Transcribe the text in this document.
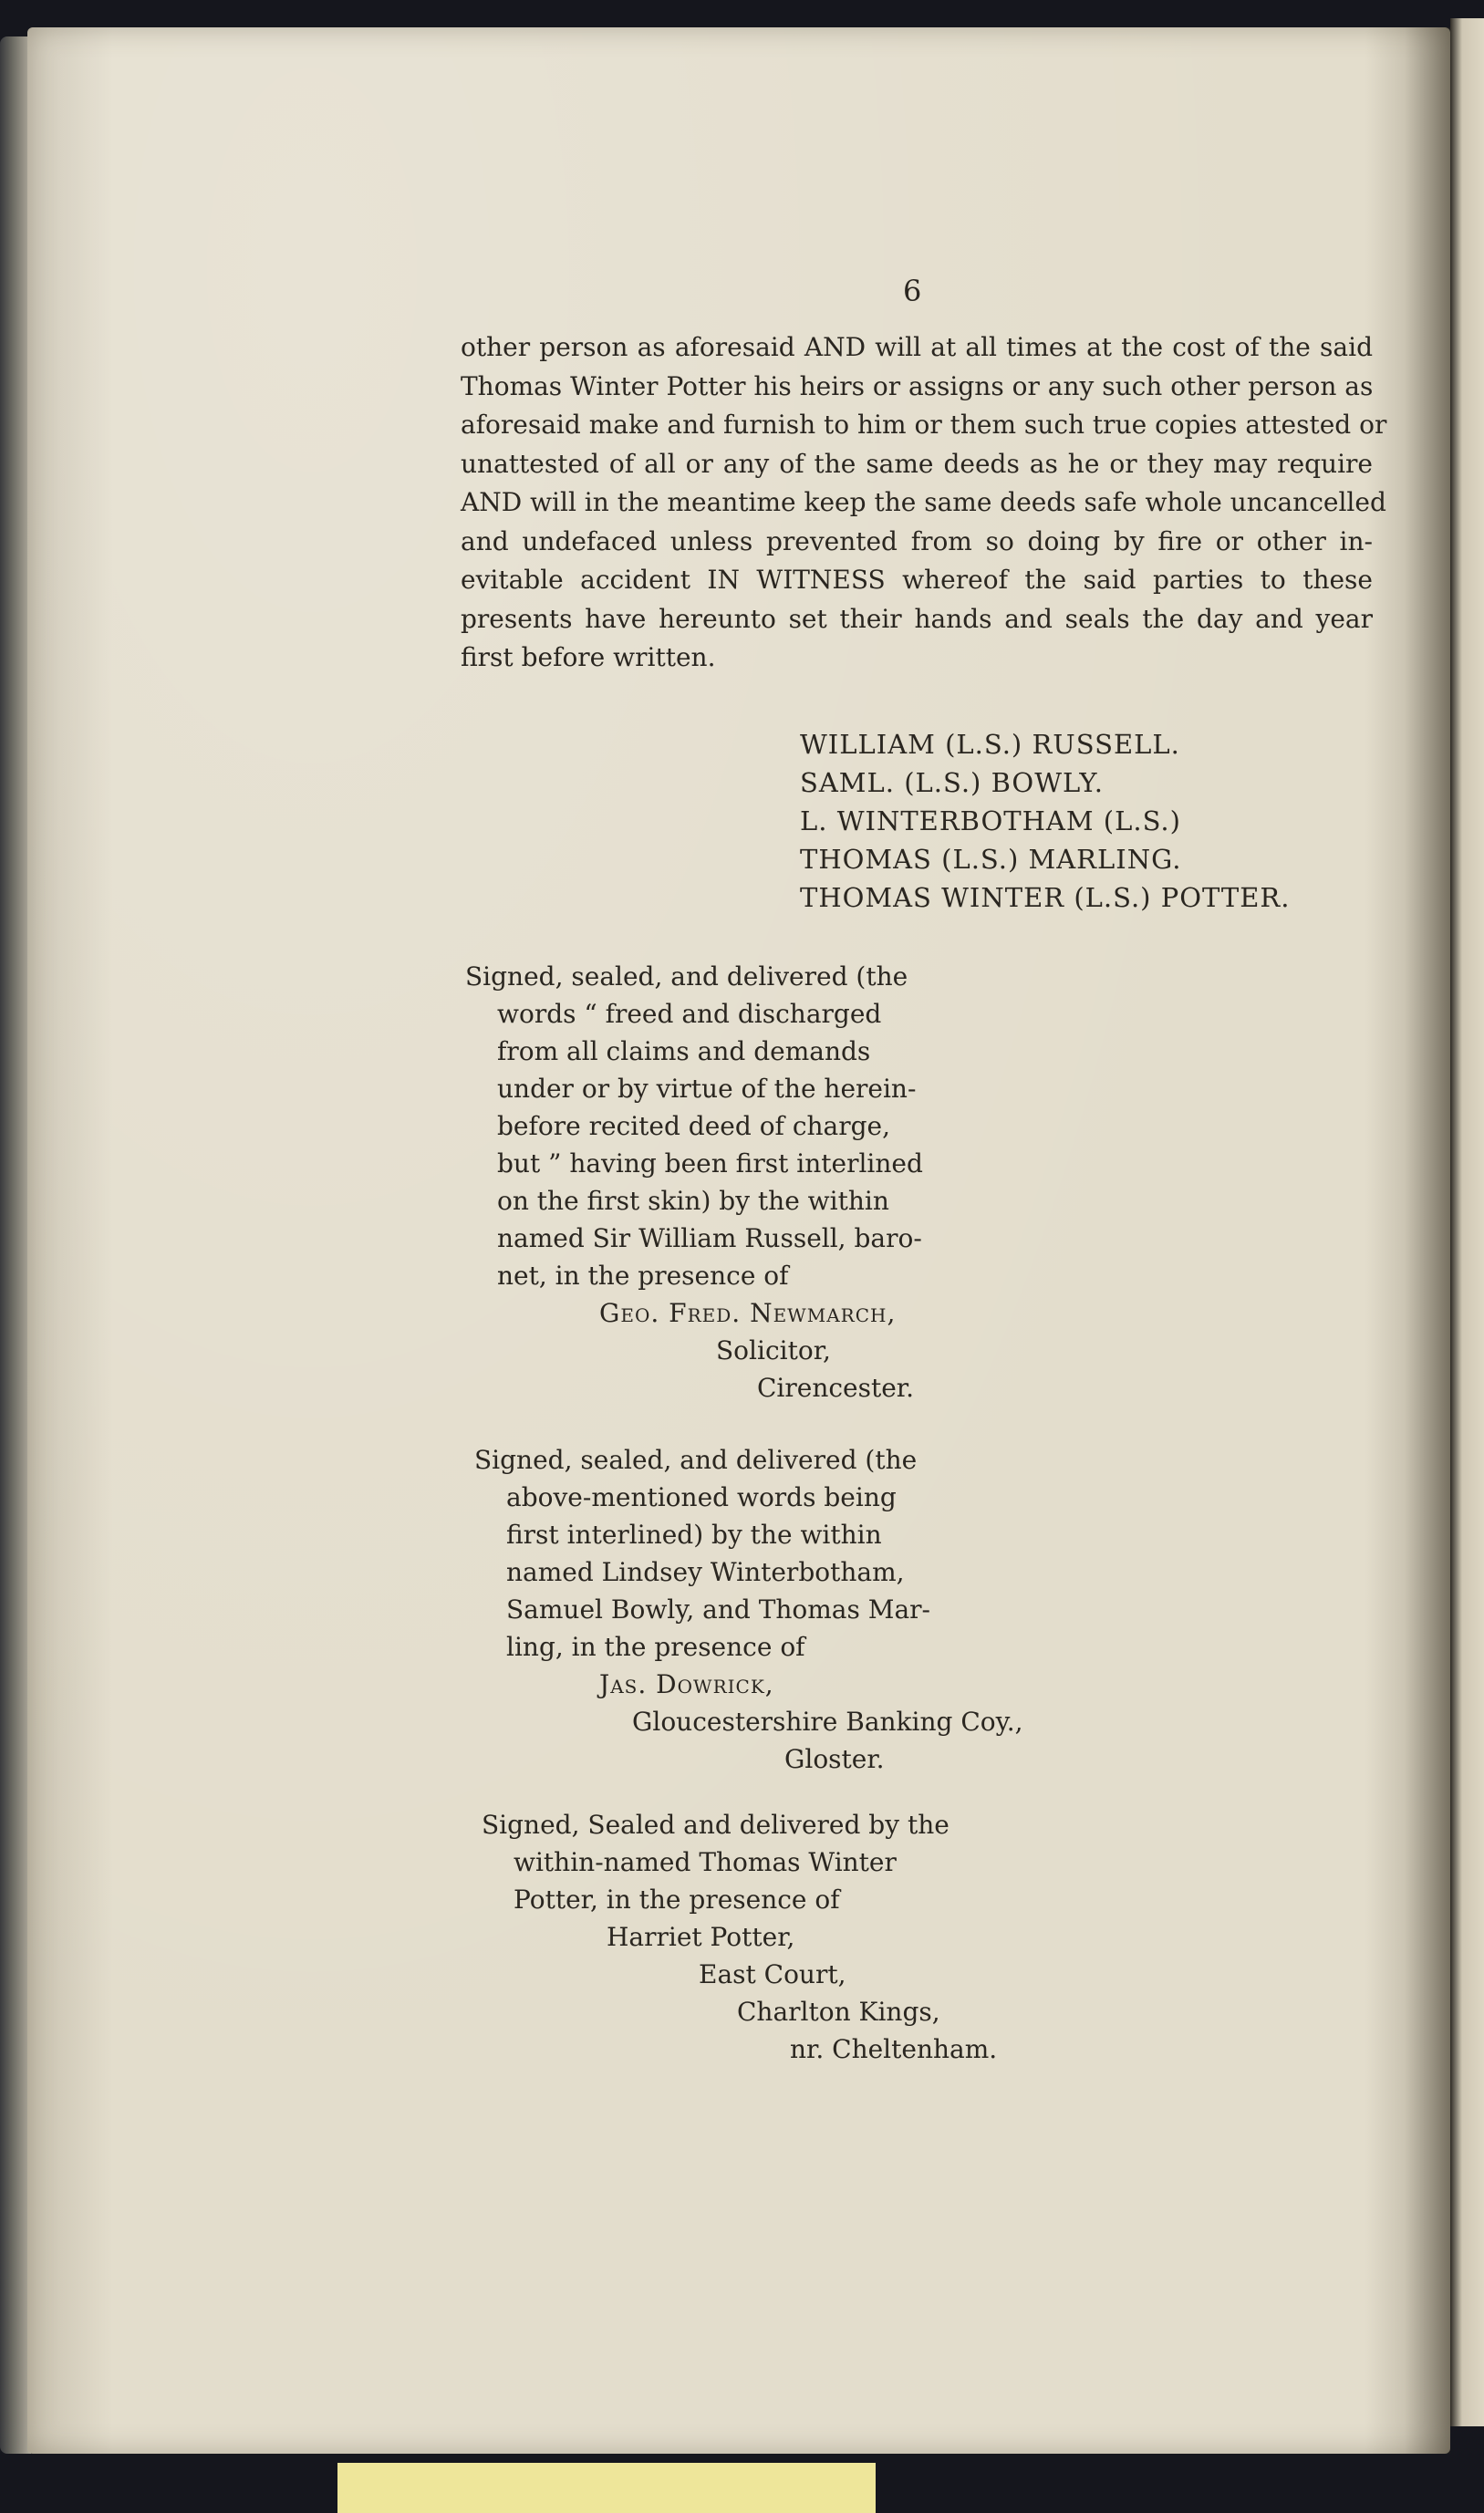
6
other person as aforesaid AND will at all times at the cost of the said
Thomas Winter Potter his heirs or assigns or any such other person as
aforesaid make and furnish to him or them such true copies attested or
unattested of all or any of the same deeds as he or they may require
AND will in the meantime keep the same deeds safe whole uncancelled
and undefaced unless prevented from so doing by fire or other in-
evitable accident IN WITNESS whereof the said parties to these
presents have hereunto set their hands and seals the day and year
first before written.
WILLIAM (L.S.) RUSSELL.
SAML. (L.S.) BOWLY.
L. WINTERBOTHAM (L.S.)
THOMAS (L.S.) MARLING.
THOMAS WINTER (L.S.) POTTER.
Signed, sealed, and delivered (the
words “ freed and discharged
from all claims and demands
under or by virtue of the herein-
before recited deed of charge,
but ” having been first interlined
on the first skin) by the within
named Sir William Russell, baro-
net, in the presence of
Geo. Fred. Newmarch,
Solicitor,
Cirencester.
Signed, sealed, and delivered (the
above-mentioned words being
first interlined) by the within
named Lindsey Winterbotham,
Samuel Bowly, and Thomas Mar-
ling, in the presence of
Jas. Dowrick,
Gloucestershire Banking Coy.,
Gloster.
Signed, Sealed and delivered by the
within-named Thomas Winter
Potter, in the presence of
Harriet Potter,
East Court,
Charlton Kings,
nr. Cheltenham.
